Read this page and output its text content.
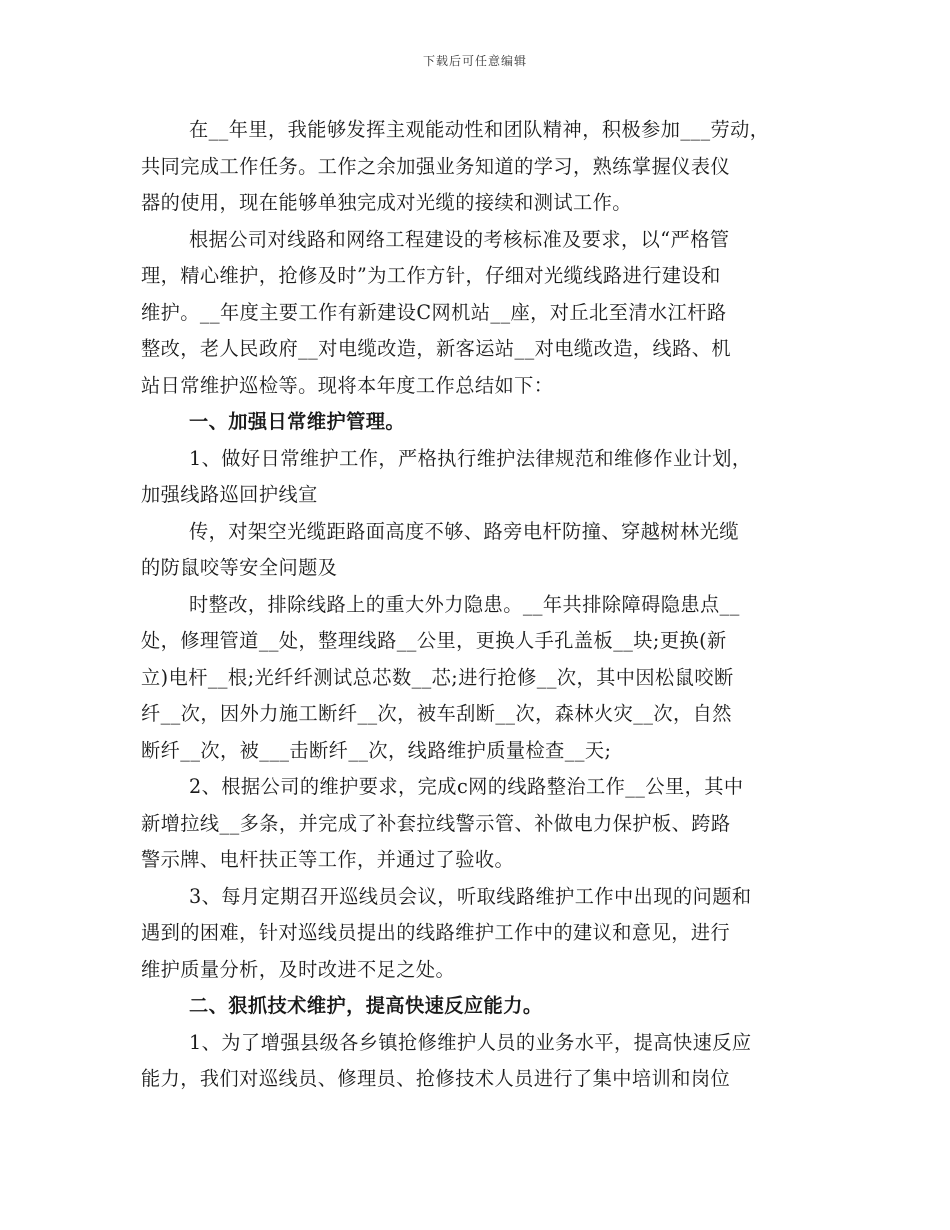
下载后可任意编辑
在__年里，我能够发挥主观能动性和团队精神，积极参加___劳动，
共同完成工作任务。工作之余加强业务知道的学习，熟练掌握仪表仪
器的使用，现在能够单独完成对光缆的接续和测试工作。
根据公司对线路和网络工程建设的考核标准及要求，以“严格管
理，精心维护，抢修及时”为工作方针，仔细对光缆线路进行建设和
维护。__年度主要工作有新建设C网机站__座，对丘北至清水江杆路
整改，老人民政府__对电缆改造，新客运站__对电缆改造，线路、机
站日常维护巡检等。现将本年度工作总结如下：
一、加强日常维护管理。
1、做好日常维护工作，严格执行维护法律规范和维修作业计划，
加强线路巡回护线宣
传，对架空光缆距路面高度不够、路旁电杆防撞、穿越树林光缆
的防鼠咬等安全问题及
时整改，排除线路上的重大外力隐患。__年共排除障碍隐患点__
处，修理管道__处，整理线路__公里，更换人手孔盖板__块;更换(新
立)电杆__根;光纤纤测试总芯数__芯;进行抢修__次，其中因松鼠咬断
纤__次，因外力施工断纤__次，被车刮断__次，森林火灾__次，自然
断纤__次，被___击断纤__次，线路维护质量检查__天;
2、根据公司的维护要求，完成c网的线路整治工作__公里，其中
新增拉线__多条，并完成了补套拉线警示管、补做电力保护板、跨路
警示牌、电杆扶正等工作，并通过了验收。
3、每月定期召开巡线员会议，听取线路维护工作中出现的问题和
遇到的困难，针对巡线员提出的线路维护工作中的建议和意见，进行
维护质量分析，及时改进不足之处。
二、狠抓技术维护，提高快速反应能力。
1、为了增强县级各乡镇抢修维护人员的业务水平，提高快速反应
能力，我们对巡线员、修理员、抢修技术人员进行了集中培训和岗位
